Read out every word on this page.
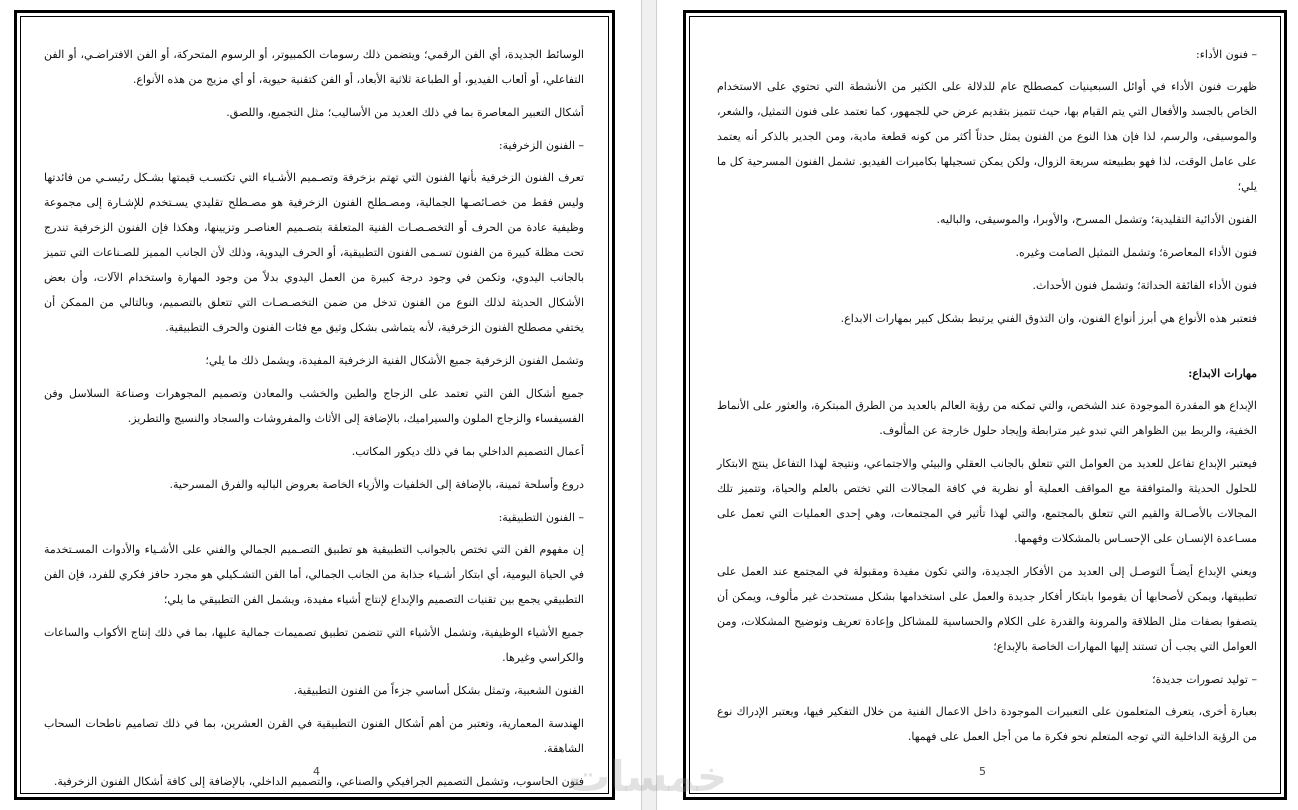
الوسائط الجديدة، أي الفن الرقمي؛ ويتضمن ذلك رسومات الكمبيوتر، أو الرسوم المتحركة، أو الفن الافتراضـي، أو الفن التفاعلي، أو ألعاب الفيديو، أو الطباعة ثلاثية الأبعاد، أو الفن كتقنية حيوية، أو أي مزيج من هذه الأنواع.

أشكال التعبير المعاصرة بما في ذلك العديد من الأساليب؛ مثل التجميع، واللصق.

– الفنون الزخرفية:

تعرف الفنون الزخرفية بأنها الفنون التي تهتم بزخرفة وتصـميم الأشـياء التي تكتسـب قيمتها بشـكل رئيسـي من فائدتها وليس فقط من خصـائصـها الجمالية، ومصـطلح الفنون الزخرفية هو مصـطلح تقليدي يسـتخدم للإشـارة إلى مجموعة وظيفية عادة من الحرف أو التخصـصـات الفنية المتعلقة بتصـميم العناصـر وتزيينها، وهكذا فإن الفنون الزخرفية تندرج تحت مظلة كبيرة من الفنون تسـمى الفنون التطبيقية، أو الحرف اليدوية، وذلك لأن الجانب المميز للصـناعات التي تتميز بالجانب اليدوي، وتكمن في وجود درجة كبيرة من العمل اليدوي بدلاً من وجود المهارة واستخدام الآلات، وأن بعض الأشكال الحديثة لذلك النوع من الفنون تدخل من ضمن التخصـصـات التي تتعلق بالتصميم، وبالتالي من الممكن أن يختفي مصطلح الفنون الزخرفية، لأنه يتماشى بشكل وثيق مع فئات الفنون والحرف التطبيقية.

وتشمل الفنون الزخرفية جميع الأشكال الفنية الزخرفية المفيدة، ويشمل ذلك ما يلي؛

جميع أشكال الفن التي تعتمد على الزجاج والطين والخشب والمعادن وتصميم المجوهرات وصناعة السلاسل وفن الفسيفساء والزجاج الملون والسيراميك، بالإضافة إلى الأثاث والمفروشات والسجاد والنسيج والتطريز.

أعمال التصميم الداخلي بما في ذلك ديكور المكاتب.

دروع وأسلحة ثمينة، بالإضافة إلى الخلفيات والأزياء الخاصة بعروض الباليه والفرق المسرحية.

– الفنون التطبيقية:

إن مفهوم الفن التي تختص بالجوانب التطبيقية هو تطبيق التصـميم الجمالي والفني على الأشـياء والأدوات المسـتخدمة في الحياة اليومية، أي ابتكار أشـياء جذابة من الجانب الجمالي، أما الفن التشـكيلي هو مجرد حافز فكري للفرد، فإن الفن التطبيقي يجمع بين تقنيات التصميم والإبداع لإنتاج أشياء مفيدة، ويشمل الفن التطبيقي ما يلي؛

جميع الأشياء الوظيفية، وتشمل الأشياء التي تتضمن تطبيق تصميمات جمالية عليها، بما في ذلك إنتاج الأكواب والساعات والكراسي وغيرها.

الفنون الشعبية، وتمثل بشكل أساسي جزءاً من الفنون التطبيقية.

الهندسة المعمارية، وتعتبر من أهم أشكال الفنون التطبيقية في القرن العشرين، بما في ذلك تصاميم ناطحات السحاب الشاهقة.

فنون الحاسوب، وتشمل التصميم الجرافيكي والصناعي، والتصميم الداخلي، بالإضافة إلى كافة أشكال الفنون الزخرفية.

4

– فنون الأداء:

ظهرت فنون الأداء في أوائل السبعينيات كمصطلح عام للدلالة على الكثير من الأنشطة التي تحتوي على الاستخدام الخاص بالجسد والأفعال التي يتم القيام بها، حيث تتميز بتقديم عرض حي للجمهور، كما تعتمد على فنون التمثيل، والشعر، والموسيقى، والرسم، لذا فإن هذا النوع من الفنون يمثل حدثاً أكثر من كونه قطعة مادية، ومن الجدير بالذكر أنه يعتمد على عامل الوقت، لذا فهو بطبيعته سريعة الزوال، ولكن يمكن تسجيلها بكاميرات الفيديو. تشمل الفنون المسرحية كل ما يلي؛

الفنون الأدائية التقليدية؛ وتشمل المسرح، والأوبرا، والموسيقى، والباليه.

فنون الأداء المعاصرة؛ وتشمل التمثيل الصامت وغيره.

فنون الأداء الفائقة الحداثة؛ وتشمل فنون الأحداث.

فتعتبر هذه الأنواع هي أبرز أنواع الفنون، وان التذوق الفني يرتبط بشكل كبير بمهارات الابداع.

مهارات الابداع:

الإبداع هو المقدرة الموجودة عند الشخص، والتي تمكنه من رؤية العالم بالعديد من الطرق المبتكرة، والعثور على الأنماط الخفية، والربط بين الظواهر التي تبدو غير مترابطة وإيجاد حلول خارجة عن المألوف.

فيعتبر الإبداع تفاعل للعديد من العوامل التي تتعلق بالجانب العقلي والبيئي والاجتماعي، ونتيجة لهذا التفاعل ينتج الابتكار للحلول الحديثة والمتوافقة مع المواقف العملية أو نظرية في كافة المجالات التي تختص بالعلم والحياة، وتتميز تلك المجالات بالأصـالة والقيم التي تتعلق بالمجتمع، والتي لهذا تأثير في المجتمعات، وهي إحدى العمليات التي تعمل على مسـاعدة الإنسـان على الإحسـاس بالمشكلات وفهمها.

ويعني الإبداع أيضـاً التوصـل إلى العديد من الأفكار الجديدة، والتي تكون مفيدة ومقبولة في المجتمع عند العمل على تطبيقها، ويمكن لأصحابها أن يقوموا بابتكار أفكار جديدة والعمل على استخدامها بشكل مستحدث غير مألوف، ويمكن أن يتصفوا بصفات مثل الطلاقة والمرونة والقدرة على الكلام والحساسية للمشاكل وإعادة تعريف وتوضيح المشكلات، ومن العوامل التي يجب أن تستند إليها المهارات الخاصة بالإبداع؛

– توليد تصورات جديدة؛

بعبارة أخرى، يتعرف المتعلمون على التعبيرات الموجودة داخل الاعمال الفنية من خلال التفكير فيها، ويعتبر الإدراك نوع من الرؤية الداخلية التي توجه المتعلم نحو فكرة ما من أجل العمل على فهمها.

5
خمسات
